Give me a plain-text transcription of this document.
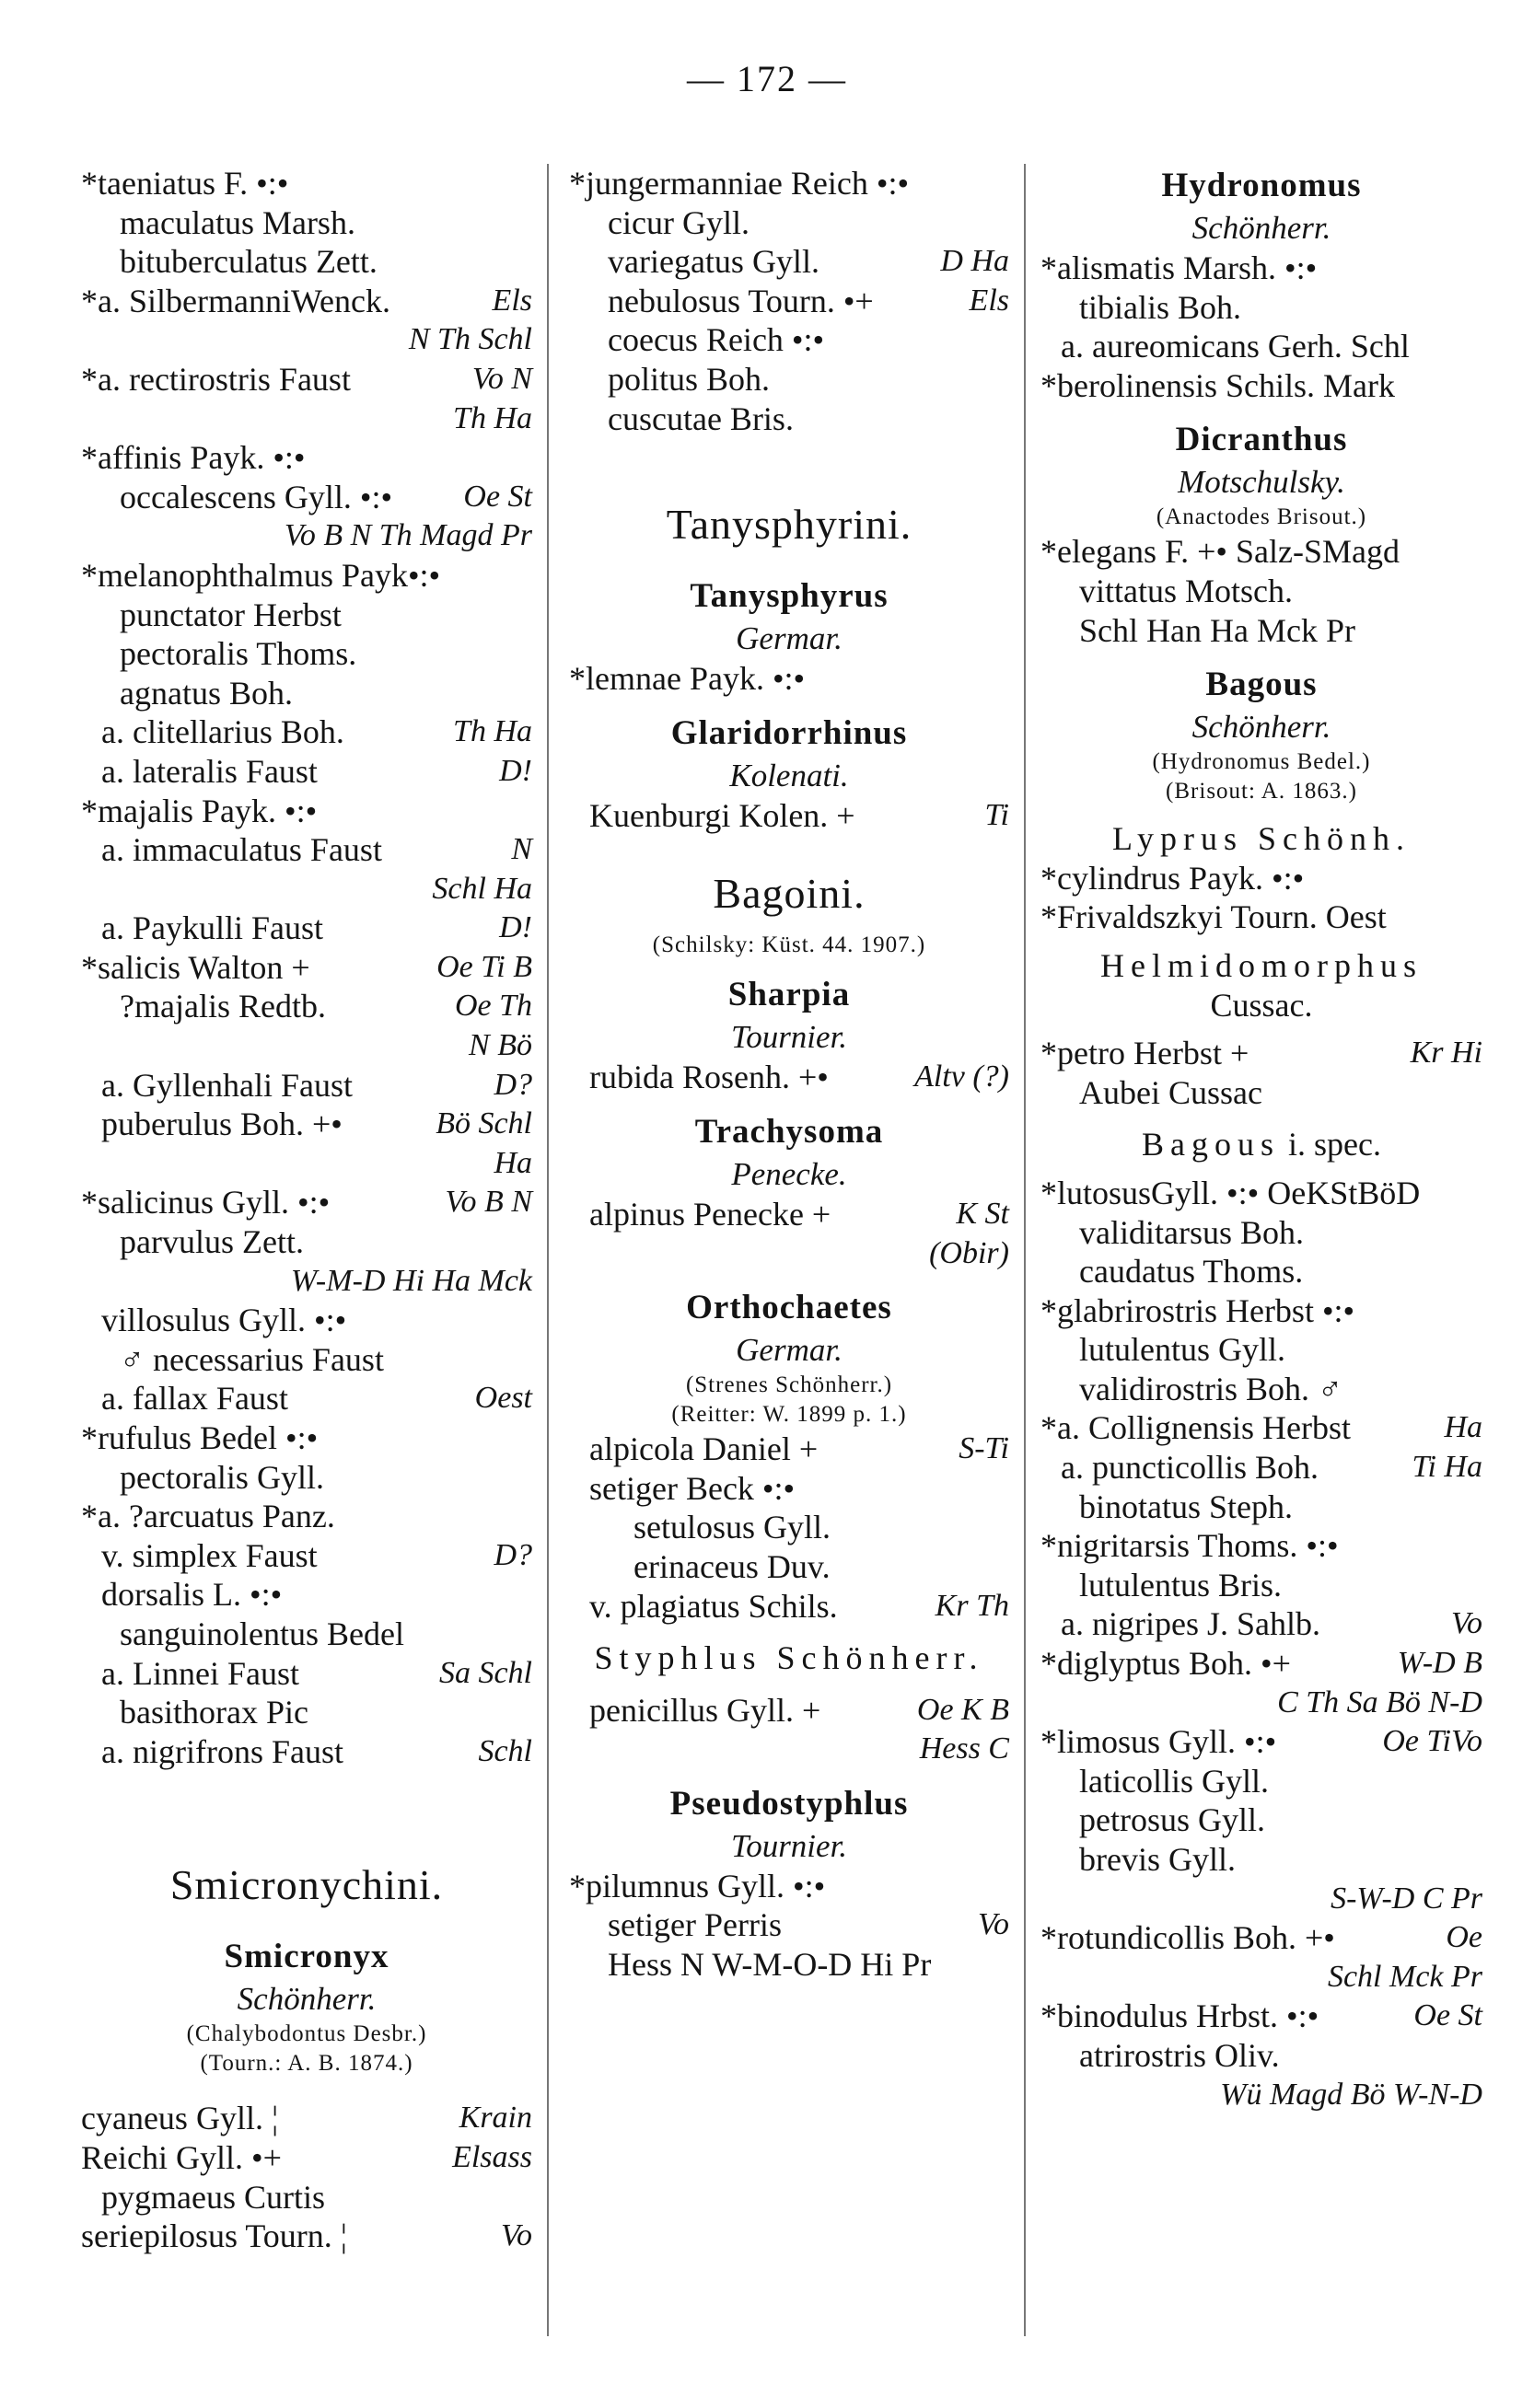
— 172 —
*taeniatus F. •:•
maculatus Marsh.
bituberculatus Zett.
*a. SilbermanniWenck.	Els
N Th Schl
*a. rectirostris Faust	Vo N
Th Ha
*affinis Payk. •:•
occalescens Gyll. •:• Oe St
Vo B N Th Magd Pr
*melanophthalmus Payk•:•
punctator Herbst
pectoralis Thoms.
agnatus Boh.
a. clitellarius Boh.	Th Ha
a. lateralis Faust	D!
*majalis Payk. •:•
a. immaculatus Faust	N
Schl Ha
a. Paykulli Faust	D!
*salicis Walton +	Oe Ti B
?majalis Redtb.	Oe Th
N Bö
a. Gyllenhali Faust	D?
puberulus Boh. +•	Bö Schl
Ha
*salicinus Gyll. •:•	Vo B N
parvulus Zett.
W-M-D Hi Ha Mck
villosulus Gyll. •:•
♂ necessarius Faust
a. fallax Faust	Oest
*rufulus Bedel •:•
pectoralis Gyll.
*a. ?arcuatus Panz.
v. simplex Faust	D?
dorsalis L. •:•
sanguinolentus Bedel
a. Linnei Faust	Sa Schl
basithorax Pic
a. nigrifrons Faust	Schl
Smicronychini.
Smicronyx
Schönherr.
(Chalybodontus Desbr.)
(Tourn.: A. B. 1874.)
cyaneus Gyll. ¦	Krain
Reichi Gyll. •+	Elsass
pygmaeus Curtis
seriepilosus Tourn. ¦	Vo
*jungermanniae Reich •:•
cicur Gyll.
variegatus Gyll.	D Ha
nebulosus Tourn. •+	Els
coecus Reich •:•
politus Boh.
cuscutae Bris.
Tanysphyrini.
Tanysphyrus
Germar.
*lemnae Payk. •:•
Glaridorrhinus
Kolenati.
Kuenburgi Kolen. +	Ti
Bagoini.
(Schilsky: Küst. 44. 1907.)
Sharpia
Tournier.
rubida Rosenh. +•	Altv (?)
Trachysoma
Penecke.
alpinus Penecke +	K St
(Obir)
Orthochaetes
Germar.
(Strenes Schönherr.)
(Reitter: W. 1899 p. 1.)
alpicola Daniel +	S-Ti
setiger Beck •:•
setulosus Gyll.
erinaceus Duv.
v. plagiatus Schils.	Kr Th
Styphlus Schönherr.
penicillus Gyll. +	Oe K B
Hess C
Pseudostyphlus
Tournier.
*pilumnus Gyll. •:•
setiger Perris	Vo
Hess N W-M-O-D Hi Pr
Hydronomus
Schönherr.
*alismatis Marsh. •:•
tibialis Boh.
a. aureomicans Gerh. Schl
*berolinensis Schils. Mark
Dicranthus
Motschulsky.
(Anactodes Brisout.)
*elegans F. +• Salz-SMagd
vittatus Motsch.
Schl Han Ha Mck Pr
Bagous
Schönherr.
(Hydronomus Bedel.)
(Brisout: A. 1863.)
Lyprus Schönh.
*cylindrus Payk. •:•
*Frivaldszkyi Tourn. Oest
Helmidomorphus
Cussac.
*petro Herbst +	Kr Hi
Aubei Cussac
Bagous i. spec.
*lutosusGyll. •:• OeKStBöD
validitarsus Boh.
caudatus Thoms.
*glabrirostris Herbst •:•
lutulentus Gyll.
validirostris Boh. ♂
*a. Collignensis Herbst	Ha
a. puncticollis Boh.	Ti Ha
binotatus Steph.
*nigritarsis Thoms. •:•
lutulentus Bris.
a. nigripes J. Sahlb.	Vo
*diglyptus Boh. •+	W-D B
C Th Sa Bö N-D
*limosus Gyll. •:•	Oe TiVo
laticollis Gyll.
petrosus Gyll.
brevis Gyll.
S-W-D C Pr
*rotundicollis Boh. +•	Oe
Schl Mck Pr
*binodulus Hrbst. •:•	Oe St
atrirostris Oliv.
Wü Magd Bö W-N-D
